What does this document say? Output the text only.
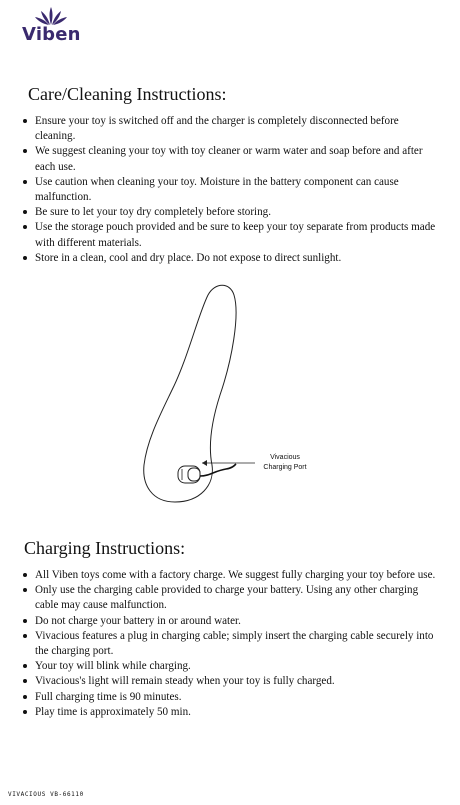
Viben
Care/Cleaning Instructions:
Ensure your toy is switched off and the charger is completely disconnected before cleaning.
We suggest cleaning your toy with toy cleaner or warm water and soap before and after each use.
Use caution when cleaning your toy. Moisture in the battery component can cause malfunction.
Be sure to let your toy dry completely before storing.
Use the storage pouch provided and be sure to keep your toy separate from products made with different materials.
Store in a clean, cool and dry place. Do not expose to direct sunlight.
Vivacious
Charging Port
Charging Instructions:
All Viben toys come with a factory charge. We suggest fully charging your toy before use.
Only use the charging cable provided to charge your battery. Using any other charging cable may cause malfunction.
Do not charge your battery in or around water.
Vivacious features a plug in charging cable; simply insert the charging cable securely into the charging port.
Your toy will blink while charging.
Vivacious's light will remain steady when your toy is fully charged.
Full charging time is 90 minutes.
Play time is approximately 50 min.
VIVACIOUS VB-66110
